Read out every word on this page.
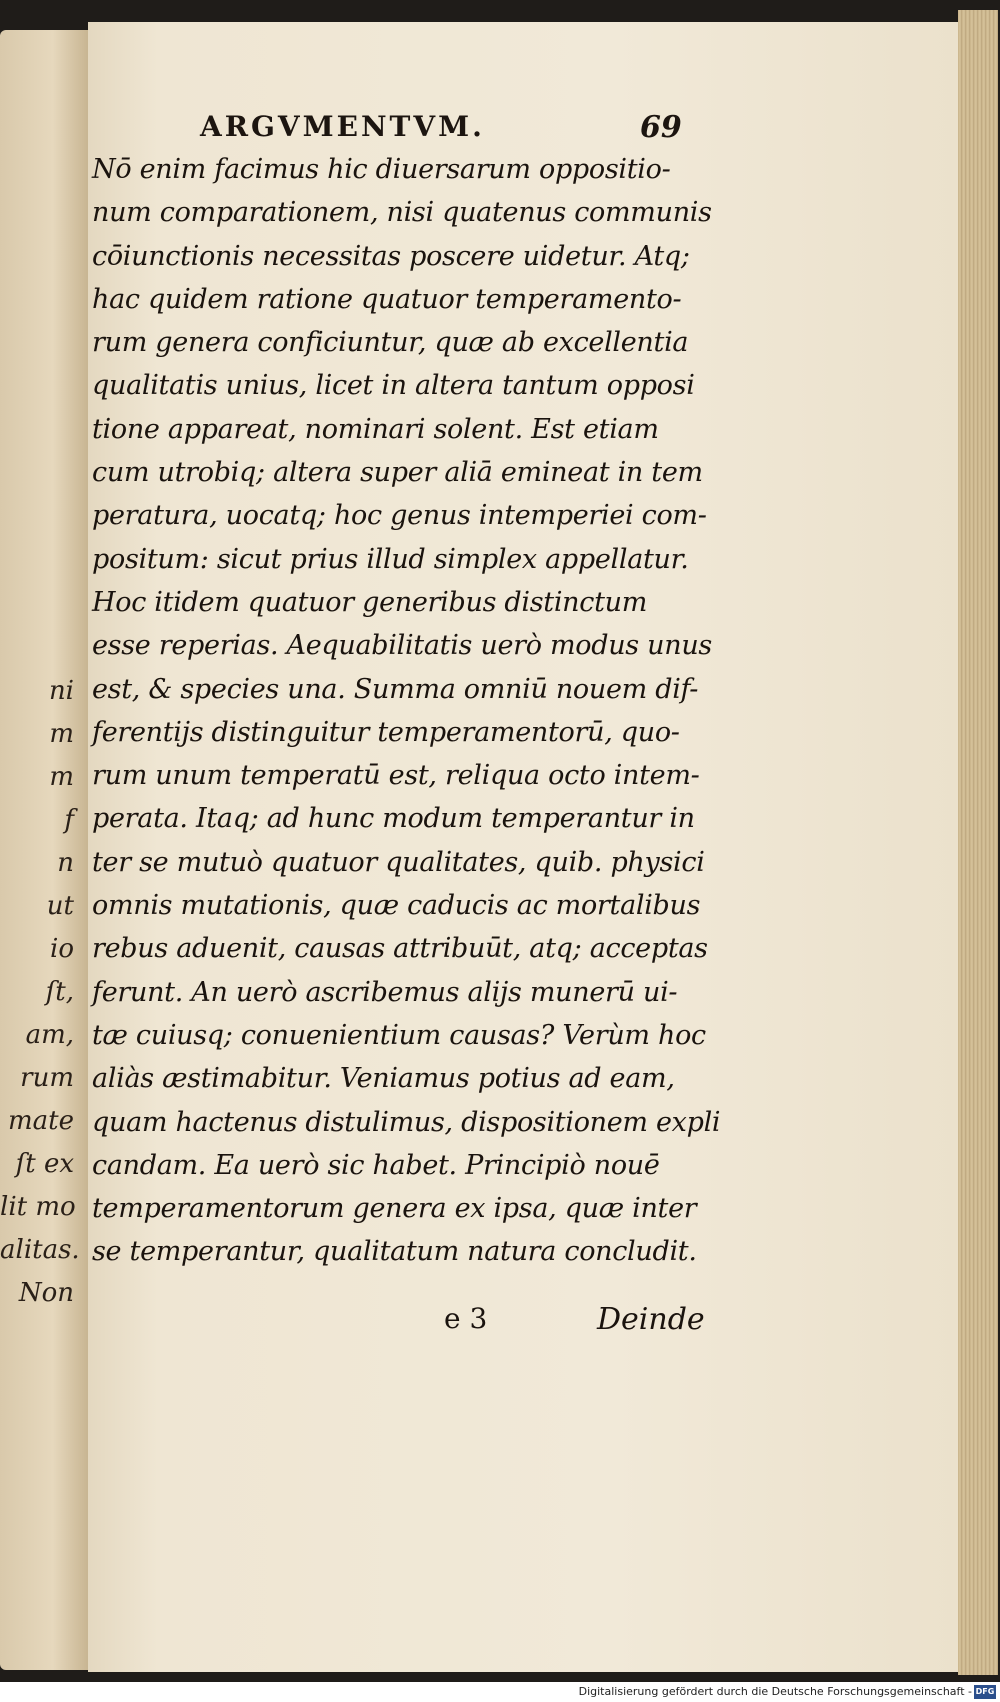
ni
m
m
f
n
ut
io
ſt,
am,
rum
mate
ſt ex
lit mo
alitas.
Non
ARGVMENTVM.	69
Nō enim facimus hic diuersarum oppositio-
num comparationem, nisi quatenus communis
cōiunctionis necessitas poscere uidetur. Atq;
hac quidem ratione quatuor temperamento-
rum genera conficiuntur, quæ ab excellentia
qualitatis unius, licet in altera tantum opposi
tione appareat, nominari solent. Est etiam
cum utrobiq; altera super aliā emineat in tem
peratura, uocatq; hoc genus intemperiei com-
positum: sicut prius illud simplex appellatur.
Hoc itidem quatuor generibus distinctum
esse reperias. Aequabilitatis uerò modus unus
est, & species una. Summa omniū nouem dif-
ferentijs distinguitur temperamentorū, quo-
rum unum temperatū est, reliqua octo intem-
perata. Itaq; ad hunc modum temperantur in
ter se mutuò quatuor qualitates, quib. physici
omnis mutationis, quæ caducis ac mortalibus
rebus aduenit, causas attribuūt, atq; acceptas
ferunt. An uerò ascribemus alijs munerū ui-
tæ cuiusq; conuenientium causas? Verùm hoc
aliàs æstimabitur. Veniamus potius ad eam,
quam hactenus distulimus, dispositionem expli
candam. Ea uerò sic habet. Principiò nouē
temperamentorum genera ex ipsa, quæ inter
se temperantur, qualitatum natura concludit.
e 3	Deinde
Digitalisierung gefördert durch die Deutsche Forschungsgemeinschaft - DFG
